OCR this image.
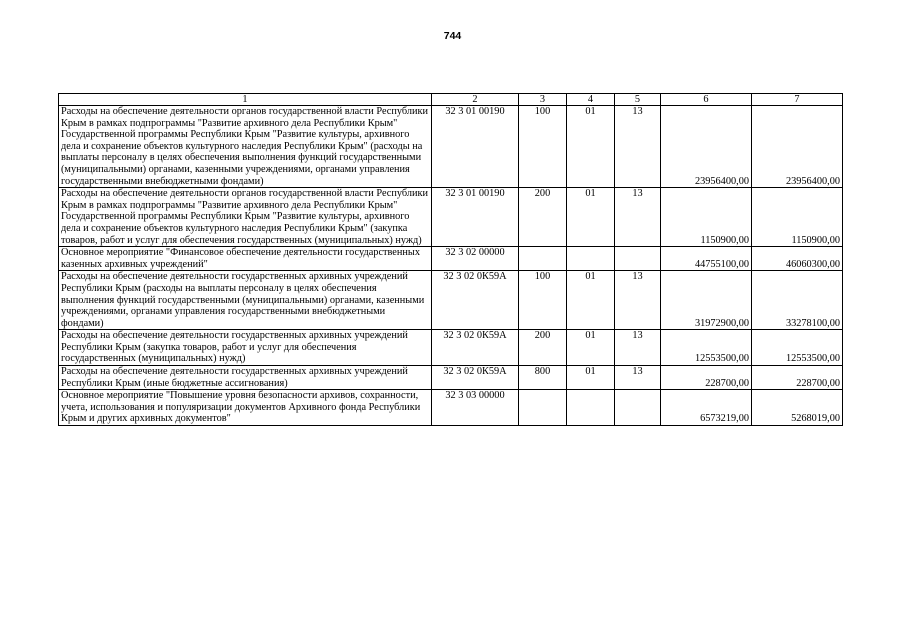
744
1	2	3	4	5	6	7
Расходы на обеспечение деятельности органов государственной власти Республики Крым в рамках подпрограммы "Развитие архивного дела Республики Крым" Государственной программы Республики Крым "Развитие культуры, архивного дела и сохранение объектов культурного наследия Республики Крым" (расходы на выплаты персоналу в целях обеспечения выполнения функций государственными (муниципальными) органами, казенными учреждениями, органами управления государственными внебюджетными фондами)	32 3 01 00190	100	01	13	23956400,00	23956400,00
Расходы на обеспечение деятельности органов государственной власти Республики Крым в рамках подпрограммы "Развитие архивного дела Республики Крым" Государственной программы Республики Крым "Развитие культуры, архивного дела и сохранение объектов культурного наследия Республики Крым" (закупка товаров, работ и услуг для обеспечения государственных (муниципальных) нужд)	32 3 01 00190	200	01	13	1150900,00	1150900,00
Основное мероприятие "Финансовое обеспечение деятельности государственных казенных архивных учреждений"	32 3 02 00000				44755100,00	46060300,00
Расходы на обеспечение деятельности государственных архивных учреждений Республики Крым (расходы на выплаты персоналу в целях обеспечения выполнения функций государственными (муниципальными) органами, казенными учреждениями, органами управления государственными внебюджетными фондами)	32 3 02 0К59А	100	01	13	31972900,00	33278100,00
Расходы на обеспечение деятельности государственных архивных учреждений Республики Крым (закупка товаров, работ и услуг для обеспечения государственных (муниципальных) нужд)	32 3 02 0К59А	200	01	13	12553500,00	12553500,00
Расходы на обеспечение деятельности государственных архивных учреждений Республики Крым (иные бюджетные ассигнования)	32 3 02 0К59А	800	01	13	228700,00	228700,00
Основное мероприятие "Повышение уровня безопасности архивов, сохранности, учета, использования и популяризации документов Архивного фонда Республики Крым и других архивных документов"	32 3 03 00000				6573219,00	5268019,00
